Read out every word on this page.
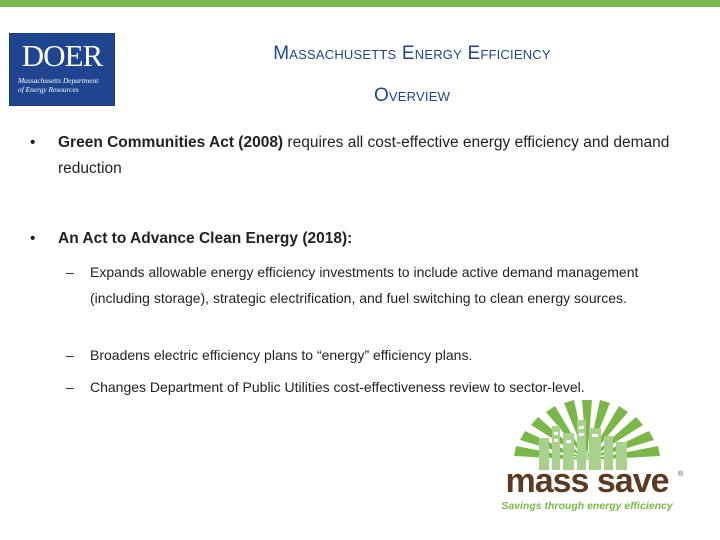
DOER
Massachusetts Department
of Energy Resources
Massachusetts Energy Efficiency
Overview
• Green Communities Act (2008) requires all cost-effective energy efficiency and demand reduction
• An Act to Advance Clean Energy (2018):
– Expands allowable energy efficiency investments to include active demand management (including storage), strategic electrification, and fuel switching to clean energy sources.
– Broadens electric efficiency plans to “energy” efficiency plans.
– Changes Department of Public Utilities cost-effectiveness review to sector-level.
mass save ®
Savings through energy efficiency
